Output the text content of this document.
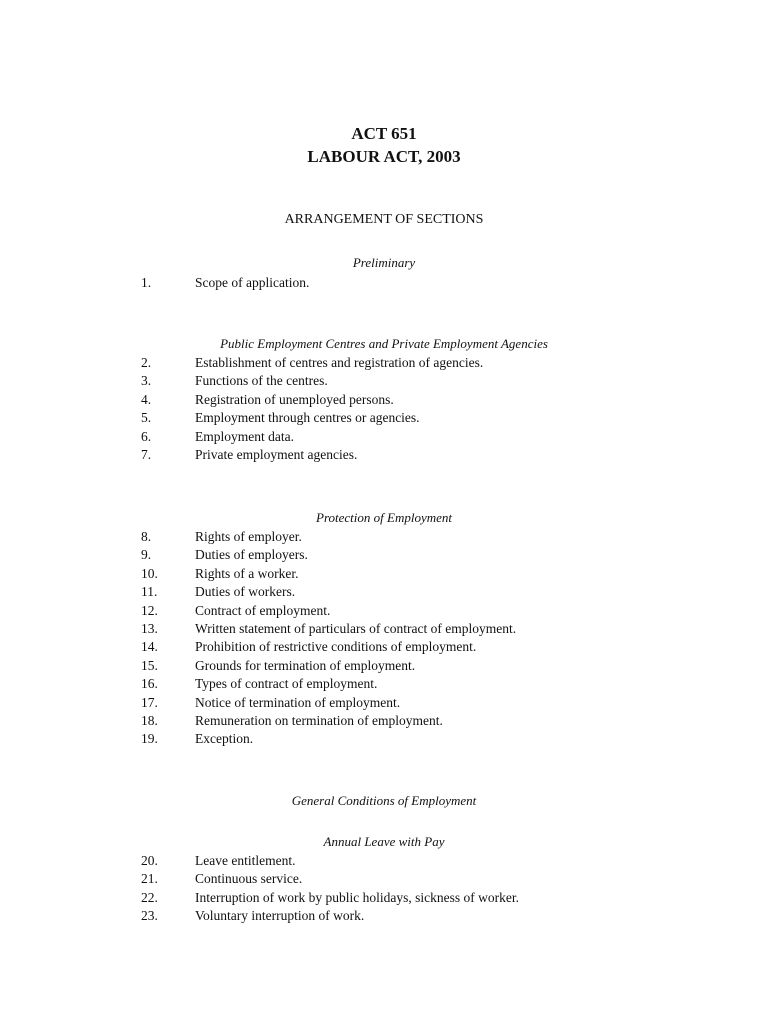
ACT 651
LABOUR ACT, 2003
ARRANGEMENT OF SECTIONS
Preliminary
1.	Scope of application.
Public Employment Centres and Private Employment Agencies
2.	Establishment of centres and registration of agencies.
3.	Functions of the centres.
4.	Registration of unemployed persons.
5.	Employment through centres or agencies.
6.	Employment data.
7.	Private employment agencies.
Protection of Employment
8.	Rights of employer.
9.	Duties of employers.
10.	Rights of a worker.
11.	Duties of workers.
12.	Contract of employment.
13.	Written statement of particulars of contract of employment.
14.	Prohibition of restrictive conditions of employment.
15.	Grounds for termination of employment.
16.	Types of contract of employment.
17.	Notice of termination of employment.
18.	Remuneration on termination of employment.
19.	Exception.
General Conditions of Employment
Annual Leave with Pay
20.	Leave entitlement.
21.	Continuous service.
22.	Interruption of work by public holidays, sickness of worker.
23.	Voluntary interruption of work.
